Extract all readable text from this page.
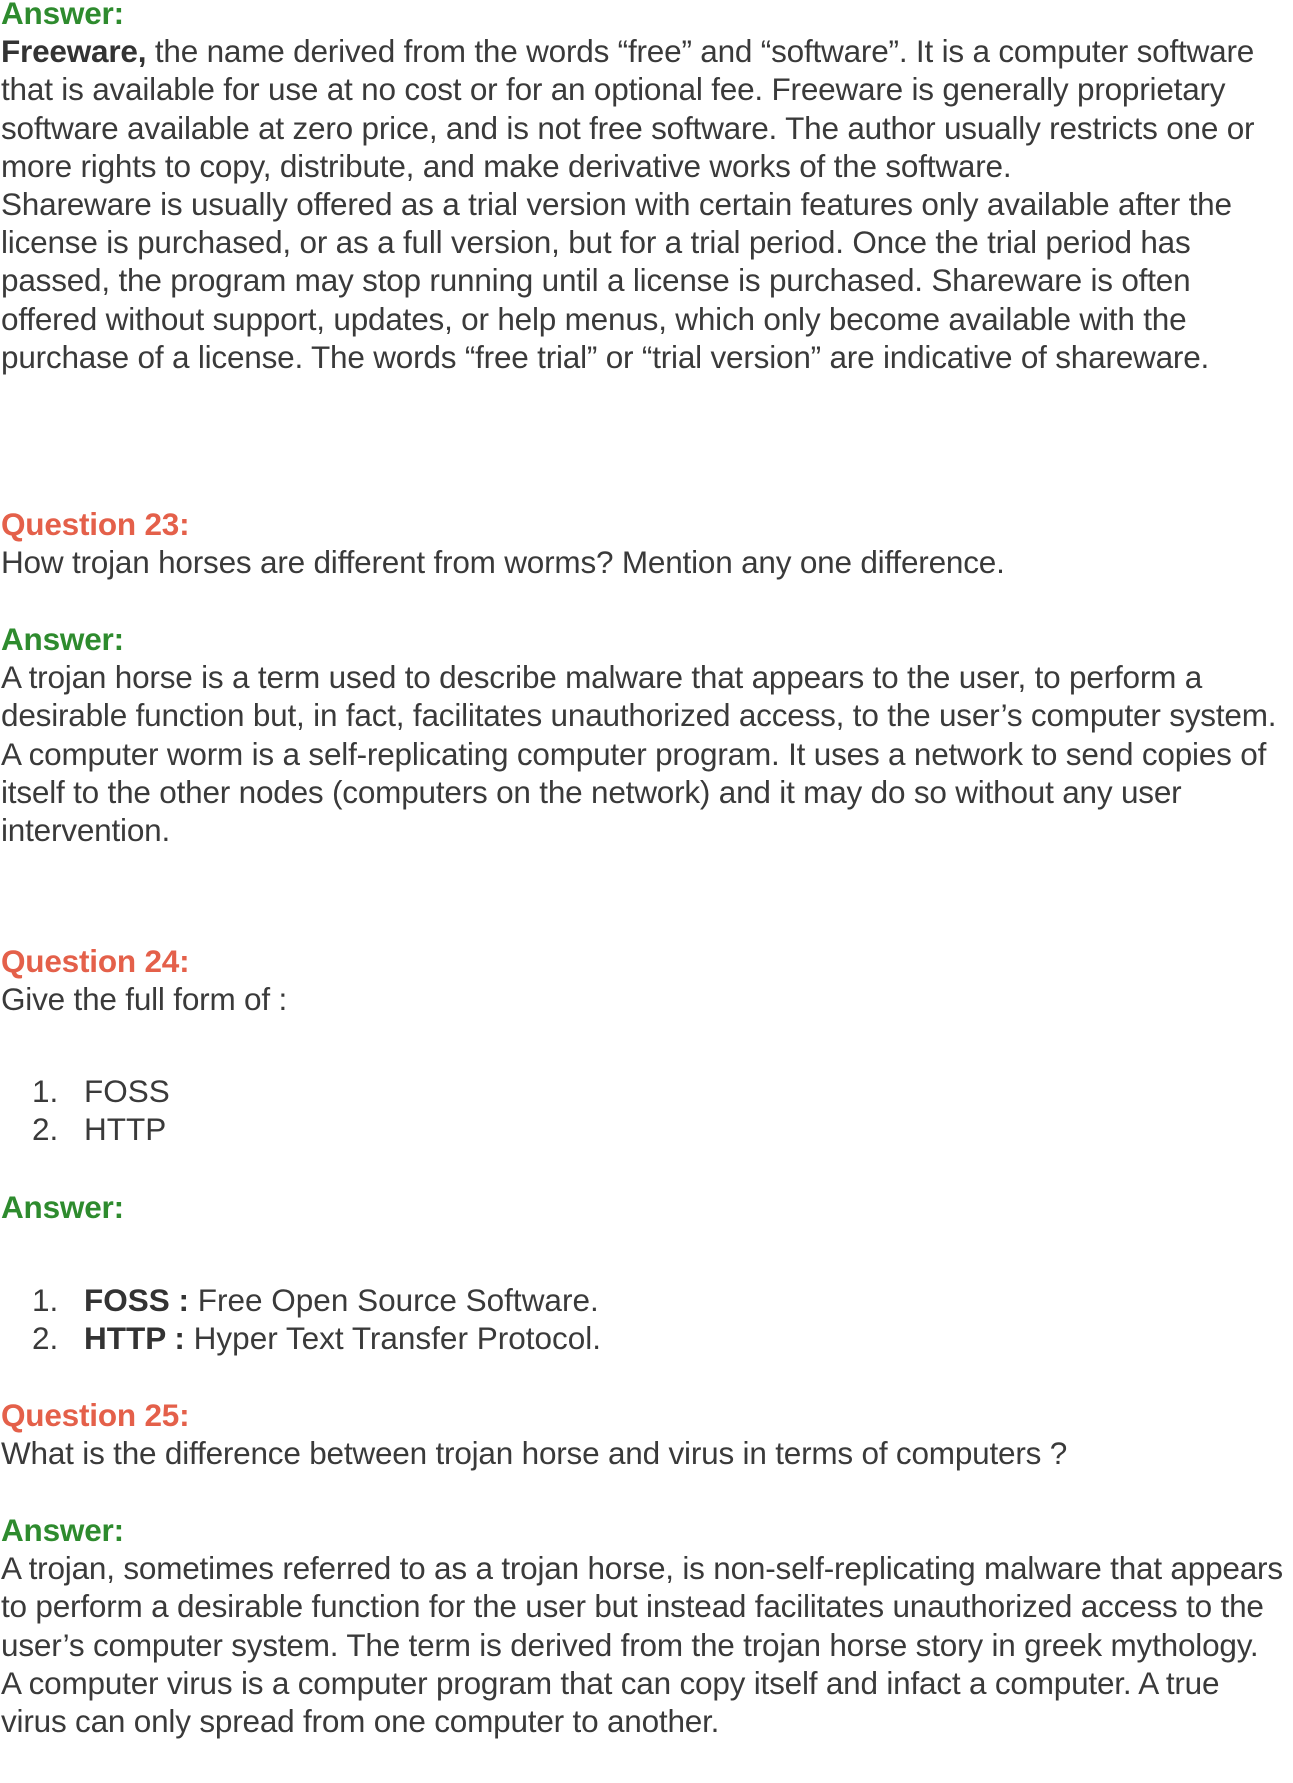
Answer:

Freeware, the name derived from the words “free” and “software”. It is a computer software that is available for use at no cost or for an optional fee. Freeware is generally proprietary software available at zero price, and is not free software. The author usually restricts one or more rights to copy, distribute, and make derivative works of the software.

Shareware is usually offered as a trial version with certain features only available after the license is purchased, or as a full version, but for a trial period. Once the trial period has passed, the program may stop running until a license is purchased. Shareware is often offered without support, updates, or help menus, which only become available with the purchase of a license. The words “free trial” or “trial version” are indicative of shareware.

Question 23:

How trojan horses are different from worms? Mention any one difference.

Answer:

A trojan horse is a term used to describe malware that appears to the user, to perform a desirable function but, in fact, facilitates unauthorized access, to the user’s computer system.

A computer worm is a self-replicating computer program. It uses a network to send copies of itself to the other nodes (computers on the network) and it may do so without any user intervention.

Question 24:

Give the full form of :

1. FOSS
2. HTTP
Answer:
1. FOSS : Free Open Source Software.
2. HTTP : Hyper Text Transfer Protocol.
Question 25:

What is the difference between trojan horse and virus in terms of computers ?

Answer:

A trojan, sometimes referred to as a trojan horse, is non-self-replicating malware that appears to perform a desirable function for the user but instead facilitates unauthorized access to the user’s computer system. The term is derived from the trojan horse story in greek mythology.

A computer virus is a computer program that can copy itself and infact a computer. A true virus can only spread from one computer to another.
